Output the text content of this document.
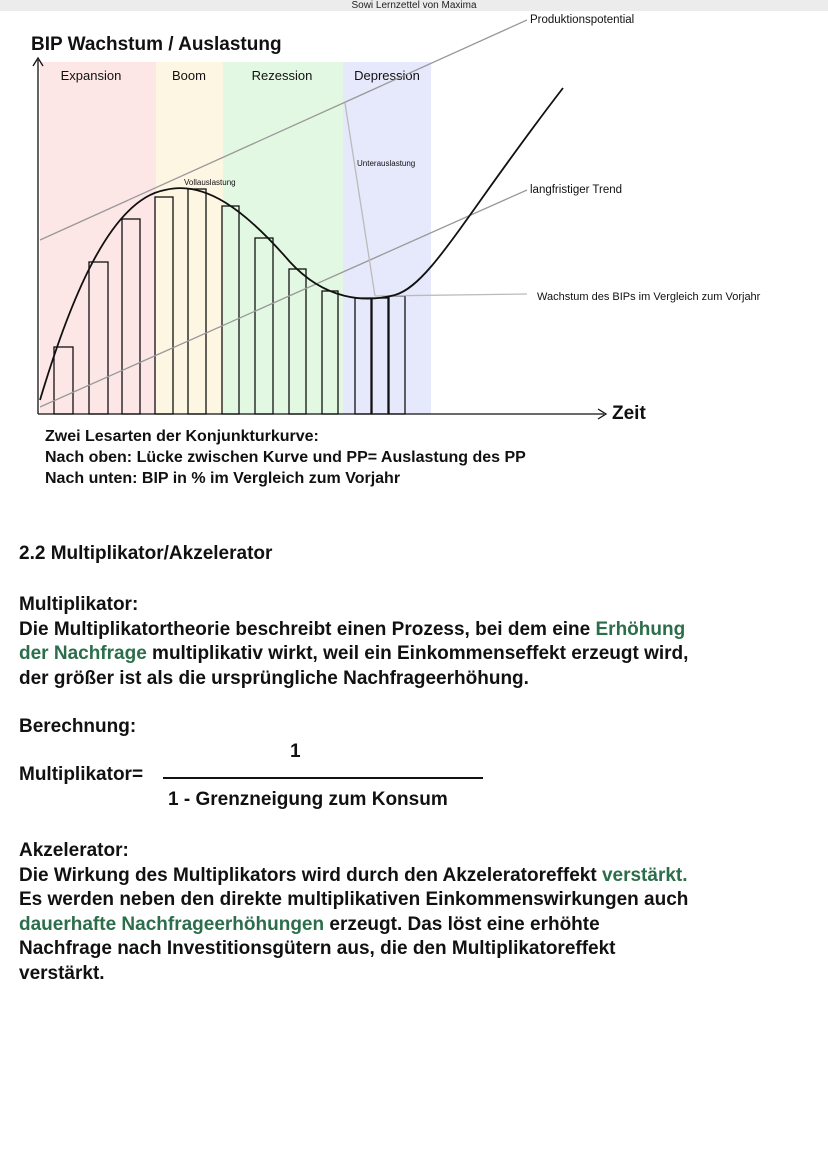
Sowi Lernzettel von Maxima
BIP Wachstum / Auslastung
Expansion	Boom	Rezession	Depression
Produktionspotential
langfristiger Trend
Wachstum des BIPs im Vergleich zum Vorjahr
Vollauslastung
Unterauslastung
Zeit
Zwei Lesarten der Konjunkturkurve:
Nach oben: Lücke zwischen Kurve und PP= Auslastung des PP
Nach unten: BIP in % im Vergleich zum Vorjahr
2.2 Multiplikator/Akzelerator
Multiplikator:
Die Multiplikatortheorie beschreibt einen Prozess, bei dem eine Erhöhung
der Nachfrage multiplikativ wirkt, weil ein Einkommenseffekt erzeugt wird,
der größer ist als die ursprüngliche Nachfrageerhöhung.
Berechnung:
Multiplikator=
1
1 - Grenzneigung zum Konsum
Akzelerator:
Die Wirkung des Multiplikators wird durch den Akzeleratoreffekt verstärkt.
Es werden neben den direkte multiplikativen Einkommenswirkungen auch
dauerhafte Nachfrageerhöhungen erzeugt. Das löst eine erhöhte
Nachfrage nach Investitionsgütern aus, die den Multiplikatoreffekt
verstärkt.
